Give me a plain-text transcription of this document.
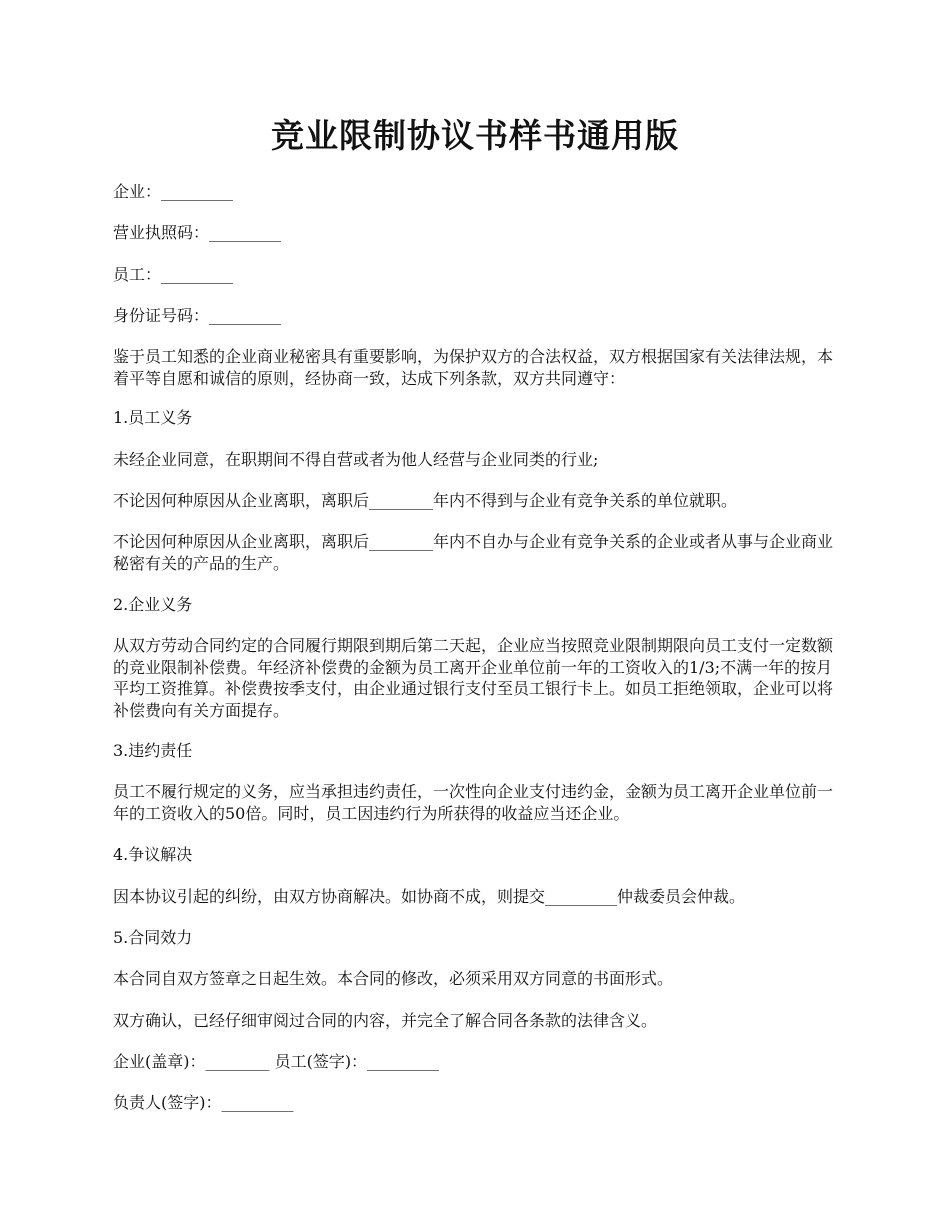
竞业限制协议书样书通用版

企业：_________

营业执照码：_________

员工：_________

身份证号码：_________

鉴于员工知悉的企业商业秘密具有重要影响，为保护双方的合法权益，双方根据国家有关法律法规，本着平等自愿和诚信的原则，经协商一致，达成下列条款，双方共同遵守：

1.员工义务

未经企业同意，在职期间不得自营或者为他人经营与企业同类的行业;

不论因何种原因从企业离职，离职后________年内不得到与企业有竞争关系的单位就职。

不论因何种原因从企业离职，离职后________年内不自办与企业有竞争关系的企业或者从事与企业商业秘密有关的产品的生产。

2.企业义务

从双方劳动合同约定的合同履行期限到期后第二天起，企业应当按照竞业限制期限向员工支付一定数额的竞业限制补偿费。年经济补偿费的金额为员工离开企业单位前一年的工资收入的1/3;不满一年的按月平均工资推算。补偿费按季支付，由企业通过银行支付至员工银行卡上。如员工拒绝领取，企业可以将补偿费向有关方面提存。

3.违约责任

员工不履行规定的义务，应当承担违约责任，一次性向企业支付违约金，金额为员工离开企业单位前一年的工资收入的50倍。同时，员工因违约行为所获得的收益应当还企业。

4.争议解决

因本协议引起的纠纷，由双方协商解决。如协商不成，则提交_________仲裁委员会仲裁。

5.合同效力

本合同自双方签章之日起生效。本合同的修改，必须采用双方同意的书面形式。

双方确认，已经仔细审阅过合同的内容，并完全了解合同各条款的法律含义。

企业(盖章)：________ 员工(签字)：_________

负责人(签字)：_________
